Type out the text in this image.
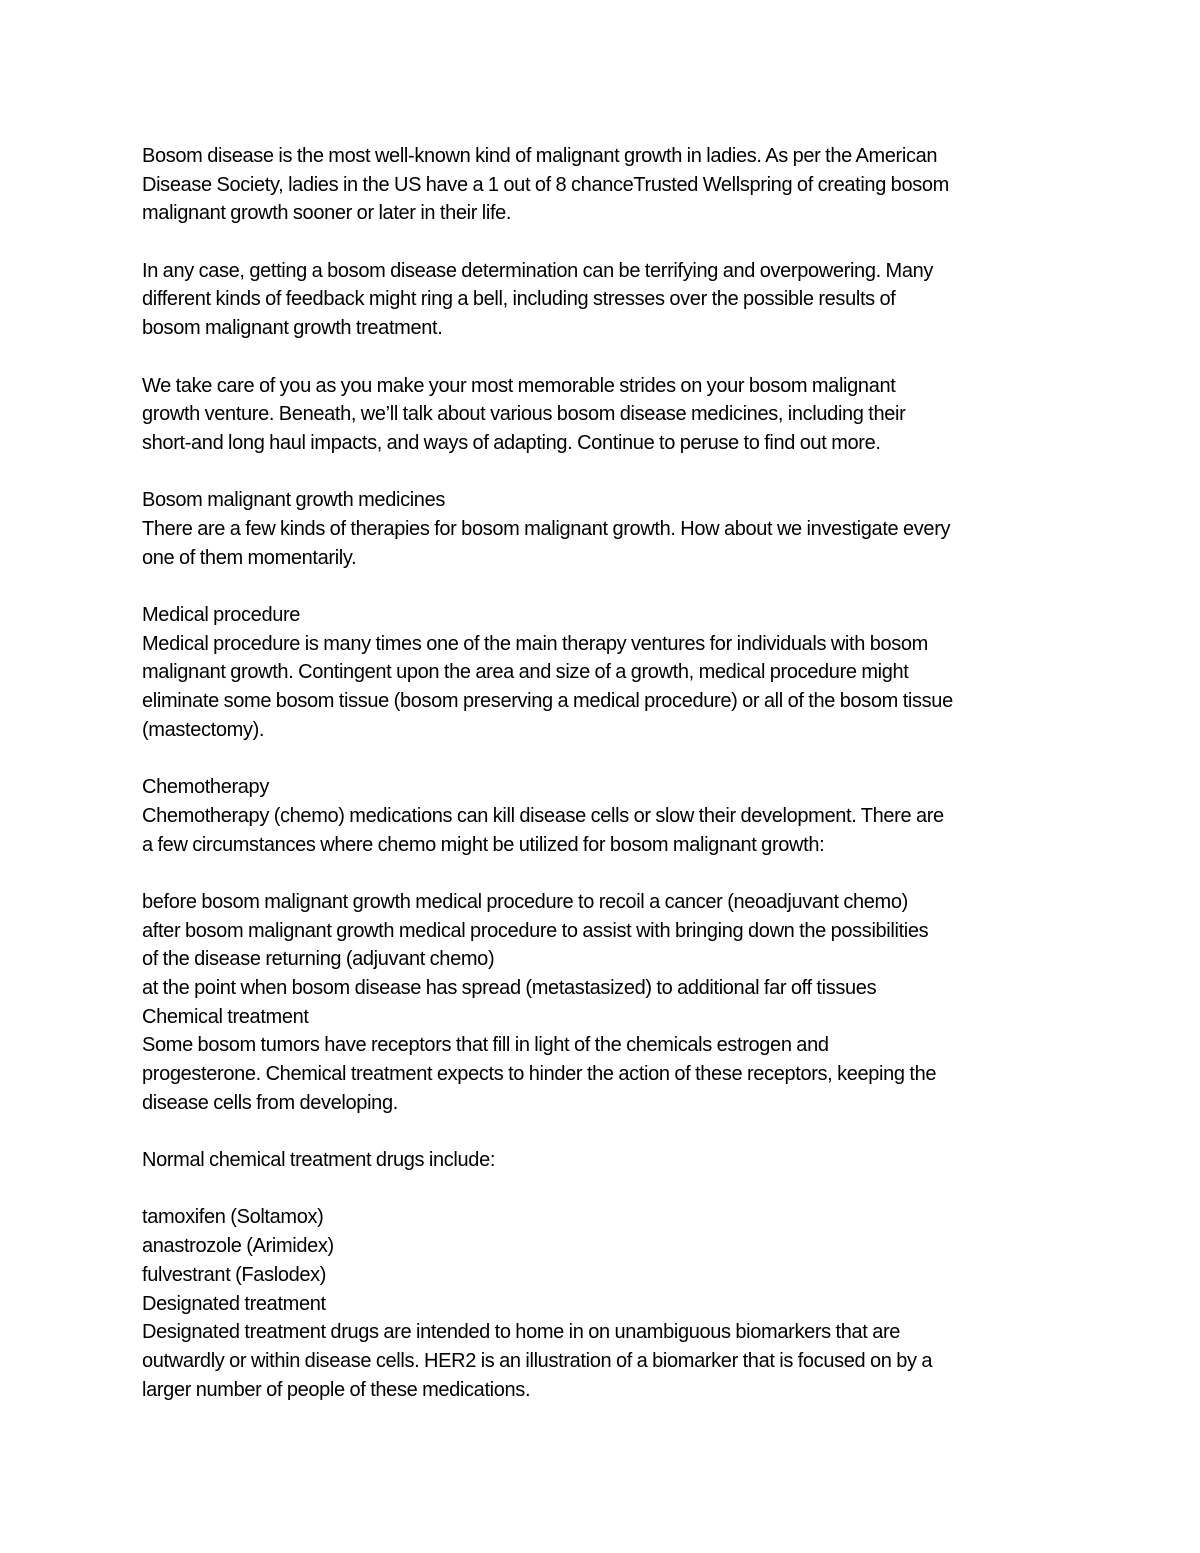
Bosom disease is the most well-known kind of malignant growth in ladies. As per the American
Disease Society, ladies in the US have a 1 out of 8 chanceTrusted Wellspring of creating bosom
malignant growth sooner or later in their life.
In any case, getting a bosom disease determination can be terrifying and overpowering. Many
different kinds of feedback might ring a bell, including stresses over the possible results of
bosom malignant growth treatment.
We take care of you as you make your most memorable strides on your bosom malignant
growth venture. Beneath, we’ll talk about various bosom disease medicines, including their
short-and long haul impacts, and ways of adapting. Continue to peruse to find out more.
Bosom malignant growth medicines
There are a few kinds of therapies for bosom malignant growth. How about we investigate every
one of them momentarily.
Medical procedure
Medical procedure is many times one of the main therapy ventures for individuals with bosom
malignant growth. Contingent upon the area and size of a growth, medical procedure might
eliminate some bosom tissue (bosom preserving a medical procedure) or all of the bosom tissue
(mastectomy).
Chemotherapy
Chemotherapy (chemo) medications can kill disease cells or slow their development. There are
a few circumstances where chemo might be utilized for bosom malignant growth:
before bosom malignant growth medical procedure to recoil a cancer (neoadjuvant chemo)
after bosom malignant growth medical procedure to assist with bringing down the possibilities
of the disease returning (adjuvant chemo)
at the point when bosom disease has spread (metastasized) to additional far off tissues
Chemical treatment
Some bosom tumors have receptors that fill in light of the chemicals estrogen and
progesterone. Chemical treatment expects to hinder the action of these receptors, keeping the
disease cells from developing.
Normal chemical treatment drugs include:
tamoxifen (Soltamox)
anastrozole (Arimidex)
fulvestrant (Faslodex)
Designated treatment
Designated treatment drugs are intended to home in on unambiguous biomarkers that are
outwardly or within disease cells. HER2 is an illustration of a biomarker that is focused on by a
larger number of people of these medications.
